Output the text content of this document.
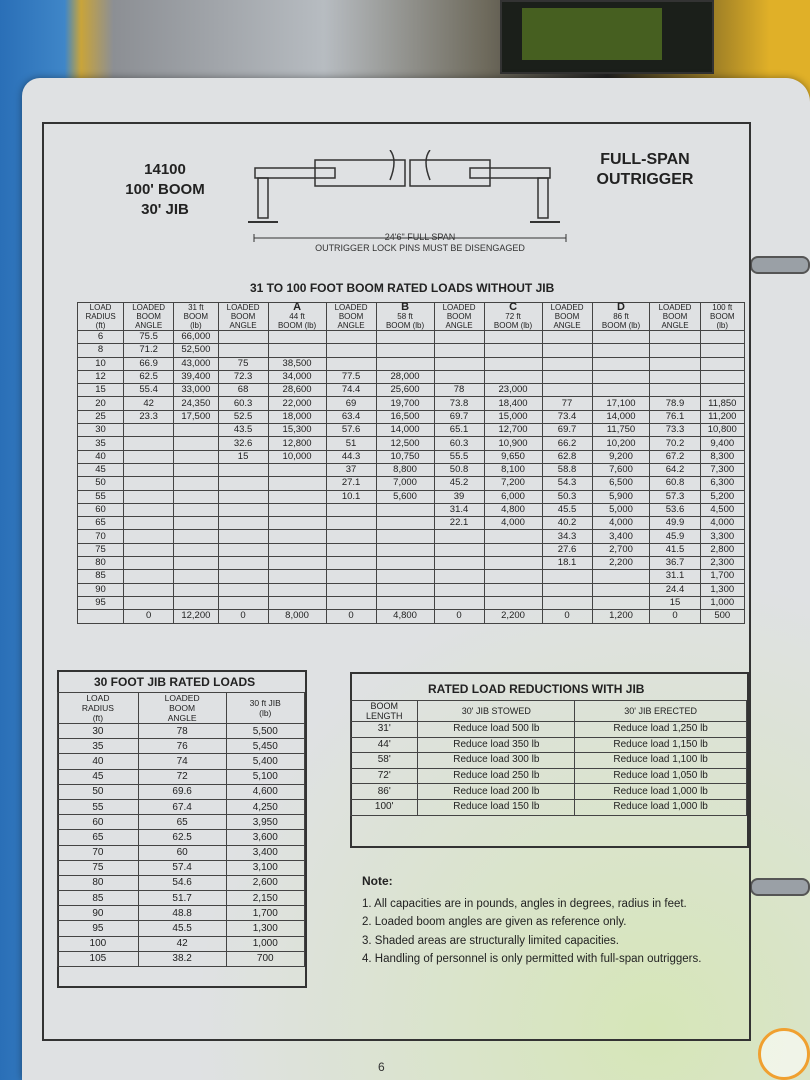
14100
100' BOOM
30' JIB
24'6" FULL SPAN
OUTRIGGER LOCK PINS MUST BE DISENGAGED
FULL-SPAN
OUTRIGGER
31 TO 100 FOOT BOOM RATED LOADS WITHOUT JIB
LOAD
RADIUS
(ft)	LOADED
BOOM
ANGLE	31 ft
BOOM
(lb)	LOADED
BOOM
ANGLE	A
44 ft
BOOM (lb)	LOADED
BOOM
ANGLE	B
58 ft
BOOM (lb)	LOADED
BOOM
ANGLE	C
72 ft
BOOM (lb)	LOADED
BOOM
ANGLE	D
86 ft
BOOM (lb)	LOADED
BOOM
ANGLE	100 ft
BOOM
(lb)

6	75.5	66,000										
8	71.2	52,500										
10	66.9	43,000	75	38,500								
12	62.5	39,400	72.3	34,000	77.5	28,000						
15	55.4	33,000	68	28,600	74.4	25,600	78	23,000				
20	42	24,350	60.3	22,000	69	19,700	73.8	18,400	77	17,100	78.9	11,850
25	23.3	17,500	52.5	18,000	63.4	16,500	69.7	15,000	73.4	14,000	76.1	11,200
30			43.5	15,300	57.6	14,000	65.1	12,700	69.7	11,750	73.3	10,800
35			32.6	12,800	51	12,500	60.3	10,900	66.2	10,200	70.2	9,400
40			15	10,000	44.3	10,750	55.5	9,650	62.8	9,200	67.2	8,300
45					37	8,800	50.8	8,100	58.8	7,600	64.2	7,300
50					27.1	7,000	45.2	7,200	54.3	6,500	60.8	6,300
55					10.1	5,600	39	6,000	50.3	5,900	57.3	5,200
60							31.4	4,800	45.5	5,000	53.6	4,500
65							22.1	4,000	40.2	4,000	49.9	4,000
70									34.3	3,400	45.9	3,300
75									27.6	2,700	41.5	2,800
80									18.1	2,200	36.7	2,300
85											31.1	1,700
90											24.4	1,300
95											15	1,000
	0	12,200	0	8,000	0	4,800	0	2,200	0	1,200	0	500
30 FOOT JIB RATED LOADS
LOAD
RADIUS
(ft)	LOADED
BOOM
ANGLE	30 ft JIB
(lb)

30	78	5,500
35	76	5,450
40	74	5,400
45	72	5,100
50	69.6	4,600
55	67.4	4,250
60	65	3,950
65	62.5	3,600
70	60	3,400
75	57.4	3,100
80	54.6	2,600
85	51.7	2,150
90	48.8	1,700
95	45.5	1,300
100	42	1,000
105	38.2	700
RATED LOAD REDUCTIONS WITH JIB
BOOM
LENGTH	30' JIB STOWED	30' JIB ERECTED

31'	Reduce load 500 lb	Reduce load 1,250 lb
44'	Reduce load 350 lb	Reduce load 1,150 lb
58'	Reduce load 300 lb	Reduce load 1,100 lb
72'	Reduce load 250 lb	Reduce load 1,050 lb
86'	Reduce load 200 lb	Reduce load 1,000 lb
100'	Reduce load 150 lb	Reduce load 1,000 lb
Note:
1. All capacities are in pounds, angles in degrees, radius in feet.
2. Loaded boom angles are given as reference only.
3. Shaded areas are structurally limited capacities.
4. Handling of personnel is only permitted with full-span outriggers.
6
